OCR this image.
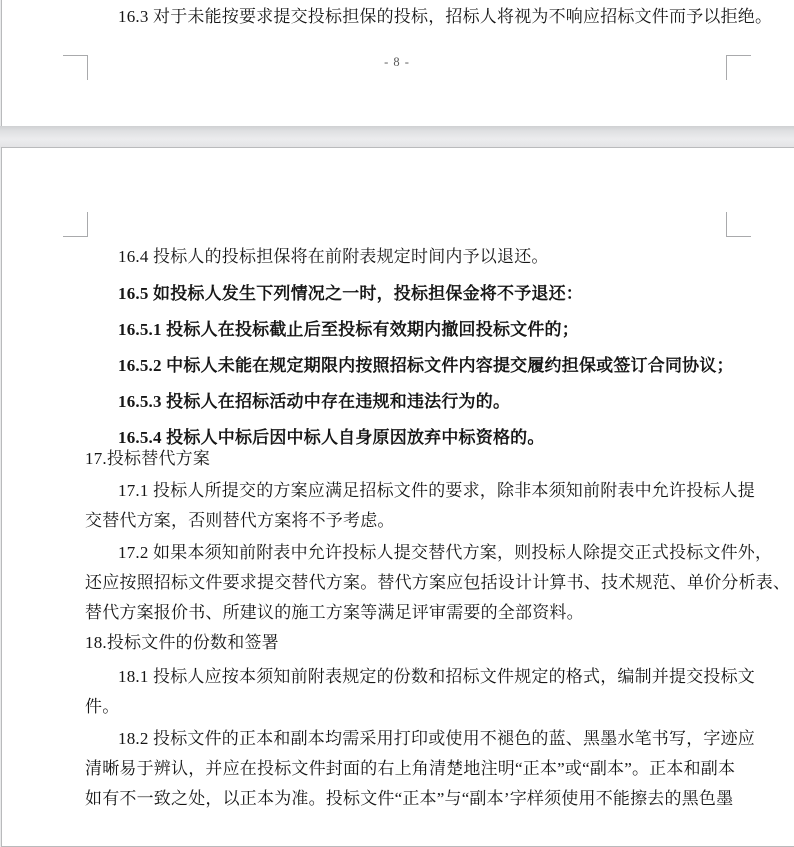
16.3 对于未能按要求提交投标担保的投标，招标人将视为不响应招标文件而予以拒绝。
- 8 -
16.4 投标人的投标担保将在前附表规定时间内予以退还。
16.5 如投标人发生下列情况之一时，投标担保金将不予退还：
16.5.1 投标人在投标截止后至投标有效期内撤回投标文件的；
16.5.2 中标人未能在规定期限内按照招标文件内容提交履约担保或签订合同协议；
16.5.3 投标人在招标活动中存在违规和违法行为的。
16.5.4 投标人中标后因中标人自身原因放弃中标资格的。
17.投标替代方案
17.1 投标人所提交的方案应满足招标文件的要求，除非本须知前附表中允许投标人提
交替代方案，否则替代方案将不予考虑。
17.2 如果本须知前附表中允许投标人提交替代方案，则投标人除提交正式投标文件外，
还应按照招标文件要求提交替代方案。替代方案应包括设计计算书、技术规范、单价分析表、
替代方案报价书、所建议的施工方案等满足评审需要的全部资料。
18.投标文件的份数和签署
18.1 投标人应按本须知前附表规定的份数和招标文件规定的格式，编制并提交投标文
件。
18.2 投标文件的正本和副本均需采用打印或使用不褪色的蓝、黑墨水笔书写，字迹应
清晰易于辨认，并应在投标文件封面的右上角清楚地注明“正本”或“副本”。正本和副本
如有不一致之处，以正本为准。投标文件“正本”与“副本’字样须使用不能擦去的黑色墨
